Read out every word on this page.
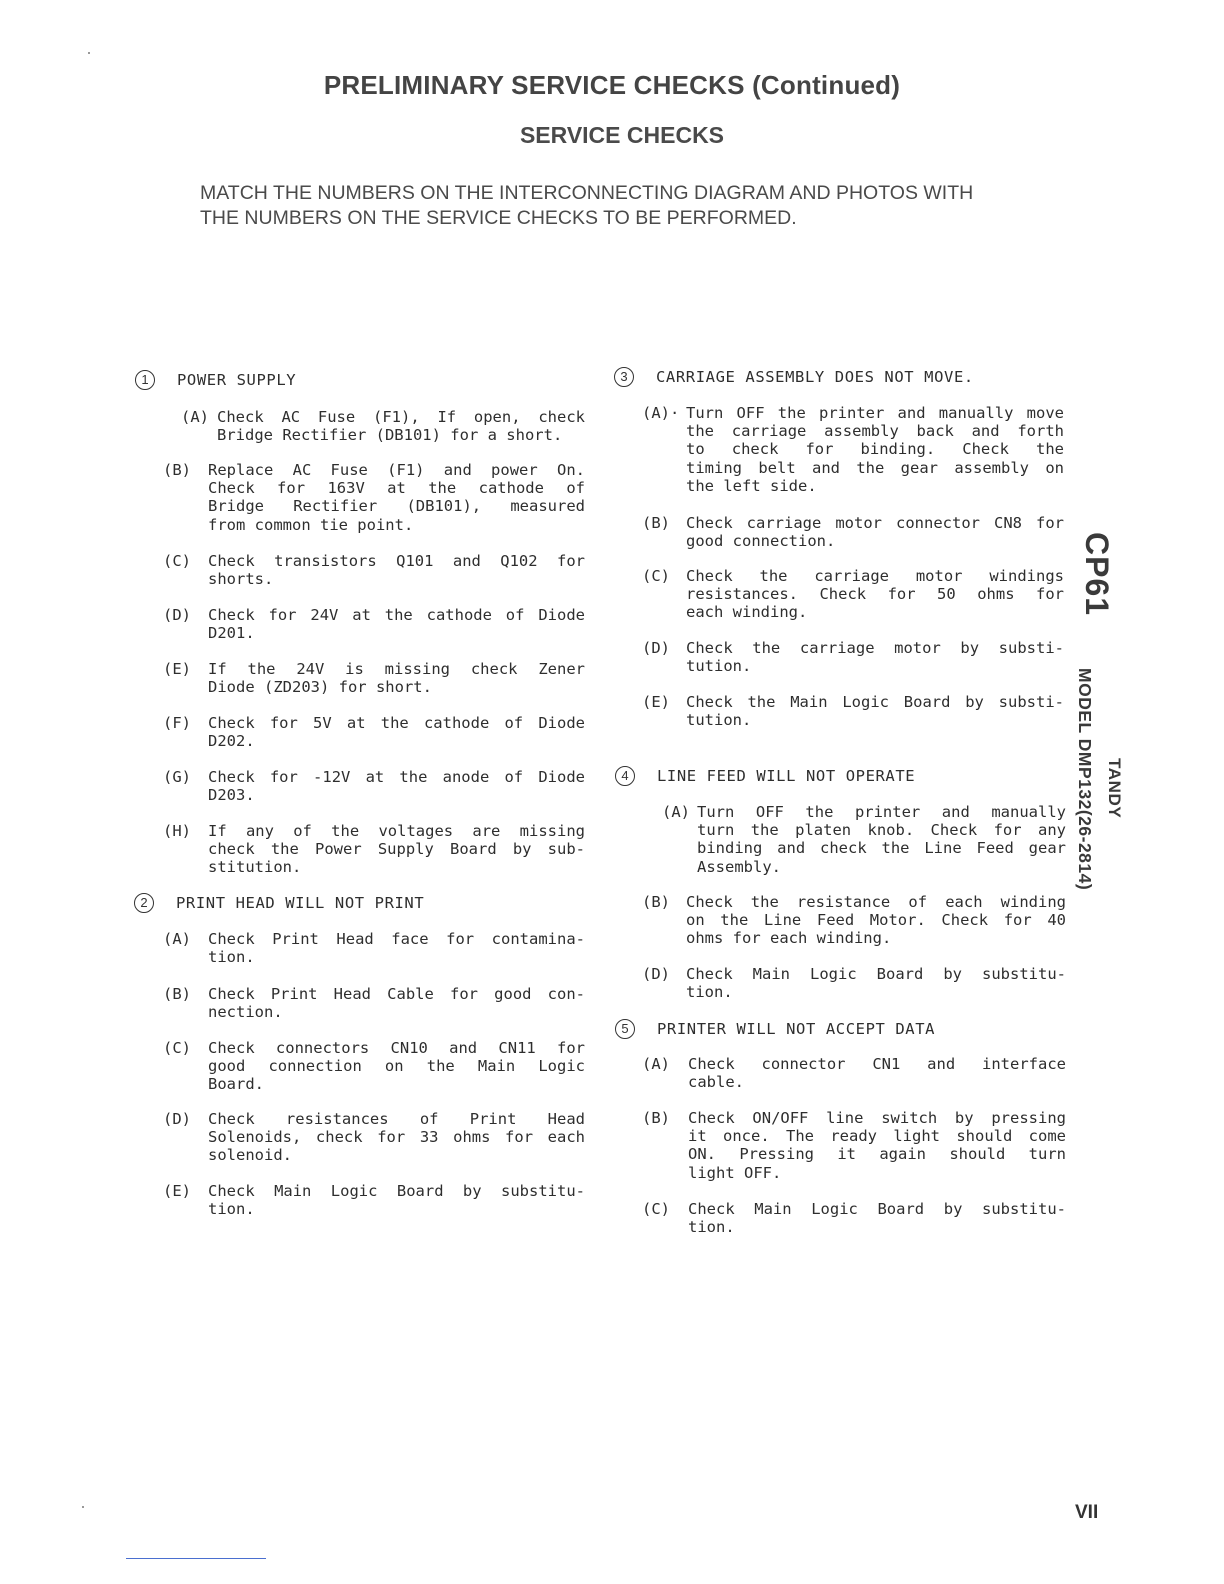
PRELIMINARY SERVICE CHECKS (Continued)
SERVICE CHECKS
MATCH THE NUMBERS ON THE INTERCONNECTING DIAGRAM AND PHOTOS WITH
THE NUMBERS ON THE SERVICE CHECKS TO BE PERFORMED.
1	POWER SUPPLY
(A) Check AC Fuse (F1), If open, check
Bridge Rectifier (DB101) for a short.
(B) Replace AC Fuse (F1) and power On.
Check for 163V at the cathode of
Bridge Rectifier (DB101), measured
from common tie point.
(C) Check transistors Q101 and Q102 for
shorts.
(D) Check for 24V at the cathode of Diode
D201.
(E) If the 24V is missing check Zener
Diode (ZD203) for short.
(F) Check for 5V at the cathode of Diode
D202.
(G) Check for -12V at the anode of Diode
D203.
(H) If any of the voltages are missing
check the Power Supply Board by sub-
stitution.
2	PRINT HEAD WILL NOT PRINT
(A) Check Print Head face for contamina-
tion.
(B) Check Print Head Cable for good con-
nection.
(C) Check connectors CN10 and CN11 for
good connection on the Main Logic
Board.
(D) Check resistances of Print Head
Solenoids, check for 33 ohms for each
solenoid.
(E) Check Main Logic Board by substitu-
tion.
3	CARRIAGE ASSEMBLY DOES NOT MOVE.
(A)· Turn OFF the printer and manually move
the carriage assembly back and forth
to check for binding. Check the
timing belt and the gear assembly on
the left side.
(B) Check carriage motor connector CN8 for
good connection.
(C) Check the carriage motor windings
resistances. Check for 50 ohms for
each winding.
(D) Check the carriage motor by substi-
tution.
(E) Check the Main Logic Board by substi-
tution.
4	LINE FEED WILL NOT OPERATE
(A) Turn OFF the printer and manually
turn the platen knob. Check for any
binding and check the Line Feed gear
Assembly.
(B) Check the resistance of each winding
on the Line Feed Motor. Check for 40
ohms for each winding.
(D) Check Main Logic Board by substitu-
tion.
5	PRINTER WILL NOT ACCEPT DATA
(A) Check connector CN1 and interface
cable.
(B) Check ON/OFF line switch by pressing
it once. The ready light should come
ON. Pressing it again should turn
light OFF.
(C) Check Main Logic Board by substitu-
tion.
CP61
MODEL DMP132(26-2814) TANDY
VII
